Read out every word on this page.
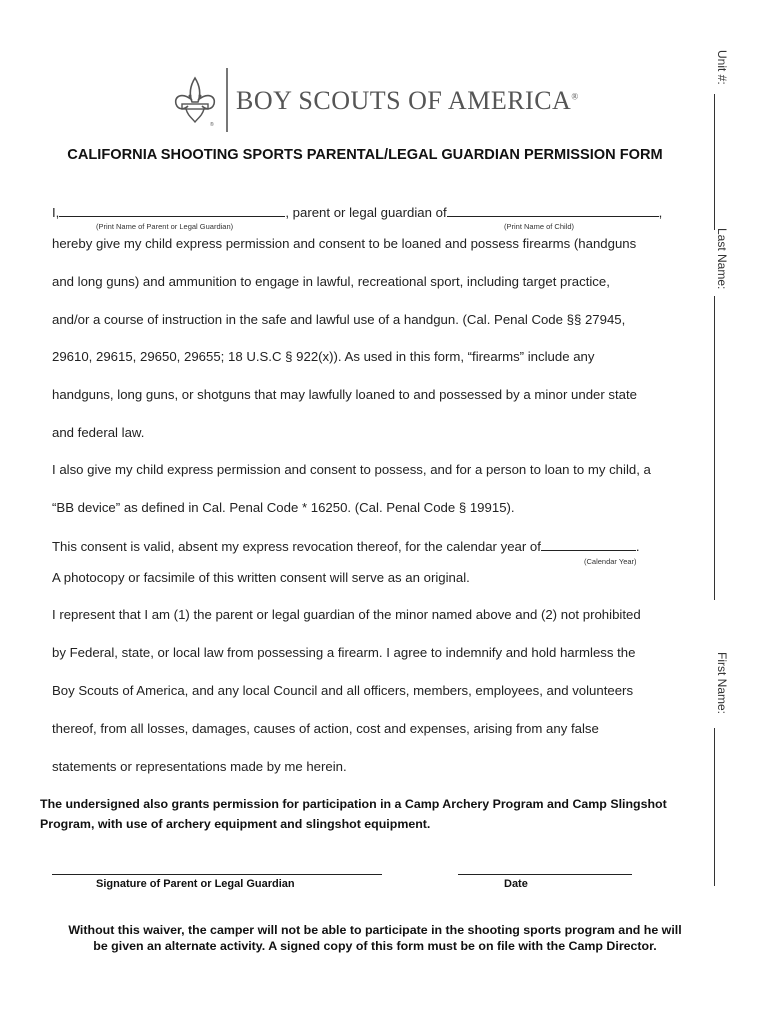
®
BOY SCOUTS OF AMERICA®
CALIFORNIA SHOOTING SPORTS PARENTAL/LEGAL GUARDIAN PERMISSION FORM
I,	, parent or legal guardian of	,
(Print Name of Parent or Legal Guardian)	(Print Name of Child)
hereby give my child express permission and consent to be loaned and possess firearms (handguns
and long guns) and ammunition to engage in lawful, recreational sport, including target practice,
and/or a course of instruction in the safe and lawful use of a handgun. (Cal. Penal Code §§ 27945,
29610, 29615, 29650, 29655; 18 U.S.C § 922(x)). As used in this form, “firearms” include any
handguns, long guns, or shotguns that may lawfully loaned to and possessed by a minor under state
and federal law.
I also give my child express permission and consent to possess, and for a person to loan to my child, a
“BB device” as defined in Cal. Penal Code * 16250. (Cal. Penal Code § 19915).
This consent is valid, absent my express revocation thereof, for the calendar year of	.
(Calendar Year)
A photocopy or facsimile of this written consent will serve as an original.
I represent that I am (1) the parent or legal guardian of the minor named above and (2) not prohibited
by Federal, state, or local law from possessing a firearm. I agree to indemnify and hold harmless the
Boy Scouts of America, and any local Council and all officers, members, employees, and volunteers
thereof, from all losses, damages, causes of action, cost and expenses, arising from any false
statements or representations made by me herein.
The undersigned also grants permission for participation in a Camp Archery Program and Camp Slingshot
Program, with use of archery equipment and slingshot equipment.
Signature of Parent or Legal Guardian	Date
Without this waiver, the camper will not be able to participate in the shooting sports program and he will
be given an alternate activity. A signed copy of this form must be on file with the Camp Director.
Unit #:
Last Name:
First Name:
